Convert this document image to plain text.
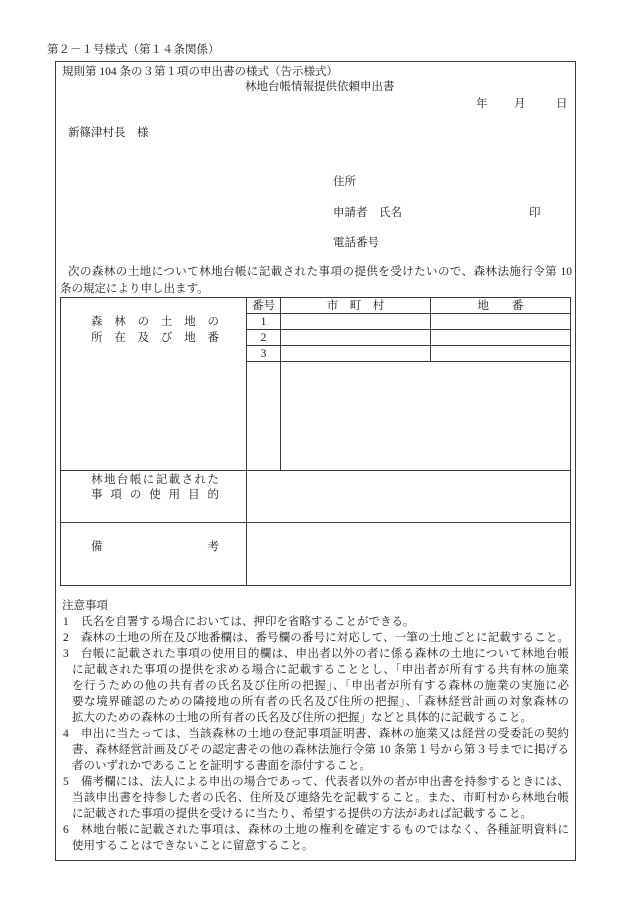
第２－１号様式（第１４条関係）
規則第 104 条の３第１項の申出書の様式（告示様式）
林地台帳情報提供依頼申出書
年 月	日
新篠津村長　様
住所
申請者 氏名	印
電話番号
次の森林の土地について林地台帳に記載された事項の提供を受けたいので、森林法施行令第 10
条の規定により申し出ます。
森 林 の 土 地 の
所 在 及 び 地 番	番号	市　町　村	地　　番
	1		
	2		
	3		

林地台帳に記載された
事 項 の 使 用 目 的			

備　　　　考			

注意事項
1 氏名を自署する場合においては、押印を省略することができる。
2 森林の土地の所在及び地番欄は、番号欄の番号に対応して、一筆の土地ごとに記載すること。
3 台帳に記載された事項の使用目的欄は、申出者以外の者に係る森林の土地について林地台帳
に記載された事項の提供を求める場合に記載することとし、「申出者が所有する共有林の施業
を行うための他の共有者の氏名及び住所の把握」、「申出者が所有する森林の施業の実施に必
要な境界確認のための隣接地の所有者の氏名及び住所の把握」、「森林経営計画の対象森林の
拡大のための森林の土地の所有者の氏名及び住所の把握」などと具体的に記載すること。
4 申出に当たっては、当該森林の土地の登記事項証明書、森林の施業又は経営の受委託の契約
書、森林経営計画及びその認定書その他の森林法施行令第 10 条第１号から第３号までに掲げる
者のいずれかであることを証明する書面を添付すること。
5 備考欄には、法人による申出の場合であって、代表者以外の者が申出書を持参するときには、
当該申出書を持参した者の氏名、住所及び連絡先を記載すること。また、市町村から林地台帳
に記載された事項の提供を受けるに当たり、希望する提供の方法があれば記載すること。
6 林地台帳に記載された事項は、森林の土地の権利を確定するものではなく、各種証明資料に
使用することはできないことに留意すること。
